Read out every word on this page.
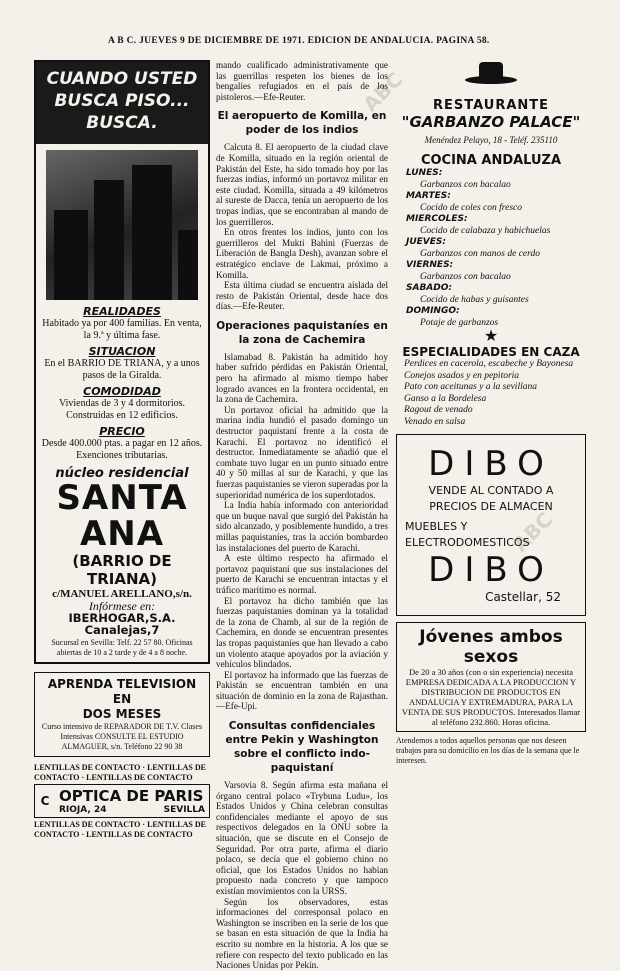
A B C. JUEVES 9 DE DICIEMBRE DE 1971. EDICION DE ANDALUCIA. PAGINA 58.
CUANDO USTED
BUSCA PISO...
BUSCA.
REALIDADES
Habitado ya por 400 familias. En venta, la 9.ª y última fase.
SITUACION
En el BARRIO DE TRIANA, y a unos pasos de la Giralda.
COMODIDAD
Viviendas de 3 y 4 dormitorios. Construidas en 12 edificios.
PRECIO
Desde 400.000 ptas. a pagar en 12 años. Exenciones tributarias.
núcleo residencial
SANTA ANA
(BARRIO DE TRIANA)
c/MANUEL ARELLANO,s/n.
Infórmese en:
IBERHOGAR,S.A. Canalejas,7
Sucursal en Sevilla: Telf. 22 57 80. Oficinas abiertas de 10 a 2 tarde y de 4 a 8 noche.
APRENDA TELEVISION EN
DOS MESES
Curso intensivo de REPARADOR DE T.V. Clases Intensivas CONSULTE EL ESTUDIO ALMAGUER, s/n. Teléfono 22 90 38
LENTILLAS DE CONTACTO · LENTILLAS DE CONTACTO · LENTILLAS DE CONTACTO
C OPTICA DE PARIS
RIOJA, 24	SEVILLA
LENTILLAS DE CONTACTO · LENTILLAS DE CONTACTO · LENTILLAS DE CONTACTO

mando cualificado administrativamente que las guerrillas respeten los bienes de los bengalíes refugiados en el país de los pistoleros.—Efe-Reuter.

El aeropuerto de Komilla, en poder de los indios

Calcuta 8. El aeropuerto de la ciudad clave de Komilla, situado en la región oriental de Pakistán del Este, ha sido tomado hoy por las fuerzas indias, informó un portavoz militar en este ciudad. Komilla, situada a 49 kilómetros al sureste de Dacca, tenía un aeropuerto de los tropas indias, que se encontraban al mando de los guerrilleros.

En otros frentes los indios, junto con los guerrilleros del Mukti Bahini (Fuerzas de Liberación de Bangla Desh), avanzan sobre el estratégico enclave de Lakmai, próximo a Komilla.

Esta última ciudad se encuentra aislada del resto de Pakistán Oriental, desde hace dos días.—Efe-Reuter.

Operaciones paquistaníes en la zona de Cachemira

Islamabad 8. Pakistán ha admitido hoy haber sufrido pérdidas en Pakistán Oriental, pero ha afirmado al mismo tiempo haber logrado avances en la frontera occidental, en la zona de Cachemira.

Un portavoz oficial ha admitido que la marina india hundió el pasado domingo un destructor paquistaní frente a la costa de Karachi. El portavoz no identificó el destructor. Inmediatamente se añadió que el combate tuvo lugar en un punto situado entre 40 y 50 millas al sur de Karachi, y que las fuerzas paquistaníes se vieron superadas por la superioridad numérica de los superdotados.

La India había informado con anterioridad que un buque naval que surgió del Pakistán ha sido alcanzado, y posiblemente hundido, a tres millas paquistaníes, tras la acción bombardeo las instalaciones del puerto de Karachi.

A este último respecto ha afirmado el portavoz paquistaní que sus instalaciones del puerto de Karachi se encuentran intactas y el tráfico marítimo es normal.

El portavoz ha dicho también que las fuerzas paquistaníes dominan ya la totalidad de la zona de Chamb, al sur de la región de Cachemira, en donde se encuentran presentes las tropas paquistaníes que han llevado a cabo un violento ataque apoyados por la aviación y vehículos blindados.

El portavoz ha informado que las fuerzas de Pakistán se encuentran también en una situación de dominio en la zona de Rajasthan.—Efe-Upi.

Consultas confidenciales entre Pekin y Washington sobre el conflicto indo-paquistaní

Varsovia 8. Según afirma esta mañana el órgano central polaco «Trybuna Ludu», los Estados Unidos y China celebran consultas confidenciales mediante el apoyo de sus respectivos delegados en la ONU sobre la situación, que se discute en el Consejo de Seguridad. Por otra parte, afirma el diario polaco, se decía que el gobierno chino no oficial, que los Estados Unidos no habían propuesto nada concreto y que tampoco existían movimientos con la URSS.

Según los observadores, estas informaciones del corresponsal polaco en Washington se inscriben en la serie de los que se basan en esta situación de que la India ha escrito su nombre en la historia. A los que se refiere con respecto del texto publicado en las Naciones Unidas por Pekín.

RESTAURANTE
"GARBANZO PALACE"
Menéndez Pelayo, 18 - Teléf. 235110
COCINA ANDALUZA
LUNES:
Garbanzos con bacalao
MARTES:
Cocido de coles con fresco
MIERCOLES:
Cocido de calabaza y habichuelas
JUEVES:
Garbanzos con manos de cerdo
VIERNES:
Garbanzos con bacalao
SABADO:
Cocido de habas y guisantes
DOMINGO:
Potaje de garbanzos
★
ESPECIALIDADES EN CAZA
Perdices en cacerola, escabeche y Bayonesa
Conejos asados y en pepitoria
Pato con aceitunas y a la sevillana
Ganso a la Bordelesa
Ragout de venado
Venado en salsa
DIBO
VENDE AL CONTADO A
PRECIOS DE ALMACEN
MUEBLES Y
ELECTRODOMESTICOS
DIBO
Castellar, 52
Jóvenes ambos sexos
De 20 a 30 años (con o sin experiencia) necesita EMPRESA DEDICADA A LA PRODUCCION Y DISTRIBUCION DE PRODUCTOS EN ANDALUCIA Y EXTREMADURA, PARA LA VENTA DE SUS PRODUCTOS. Interesados llamar al teléfono 232.860. Horas oficina.
Atendemos a todos aquellos personas que nos deseen trabajos para su domicilio en los días de la semana que le interesen.
ABC
ABC
